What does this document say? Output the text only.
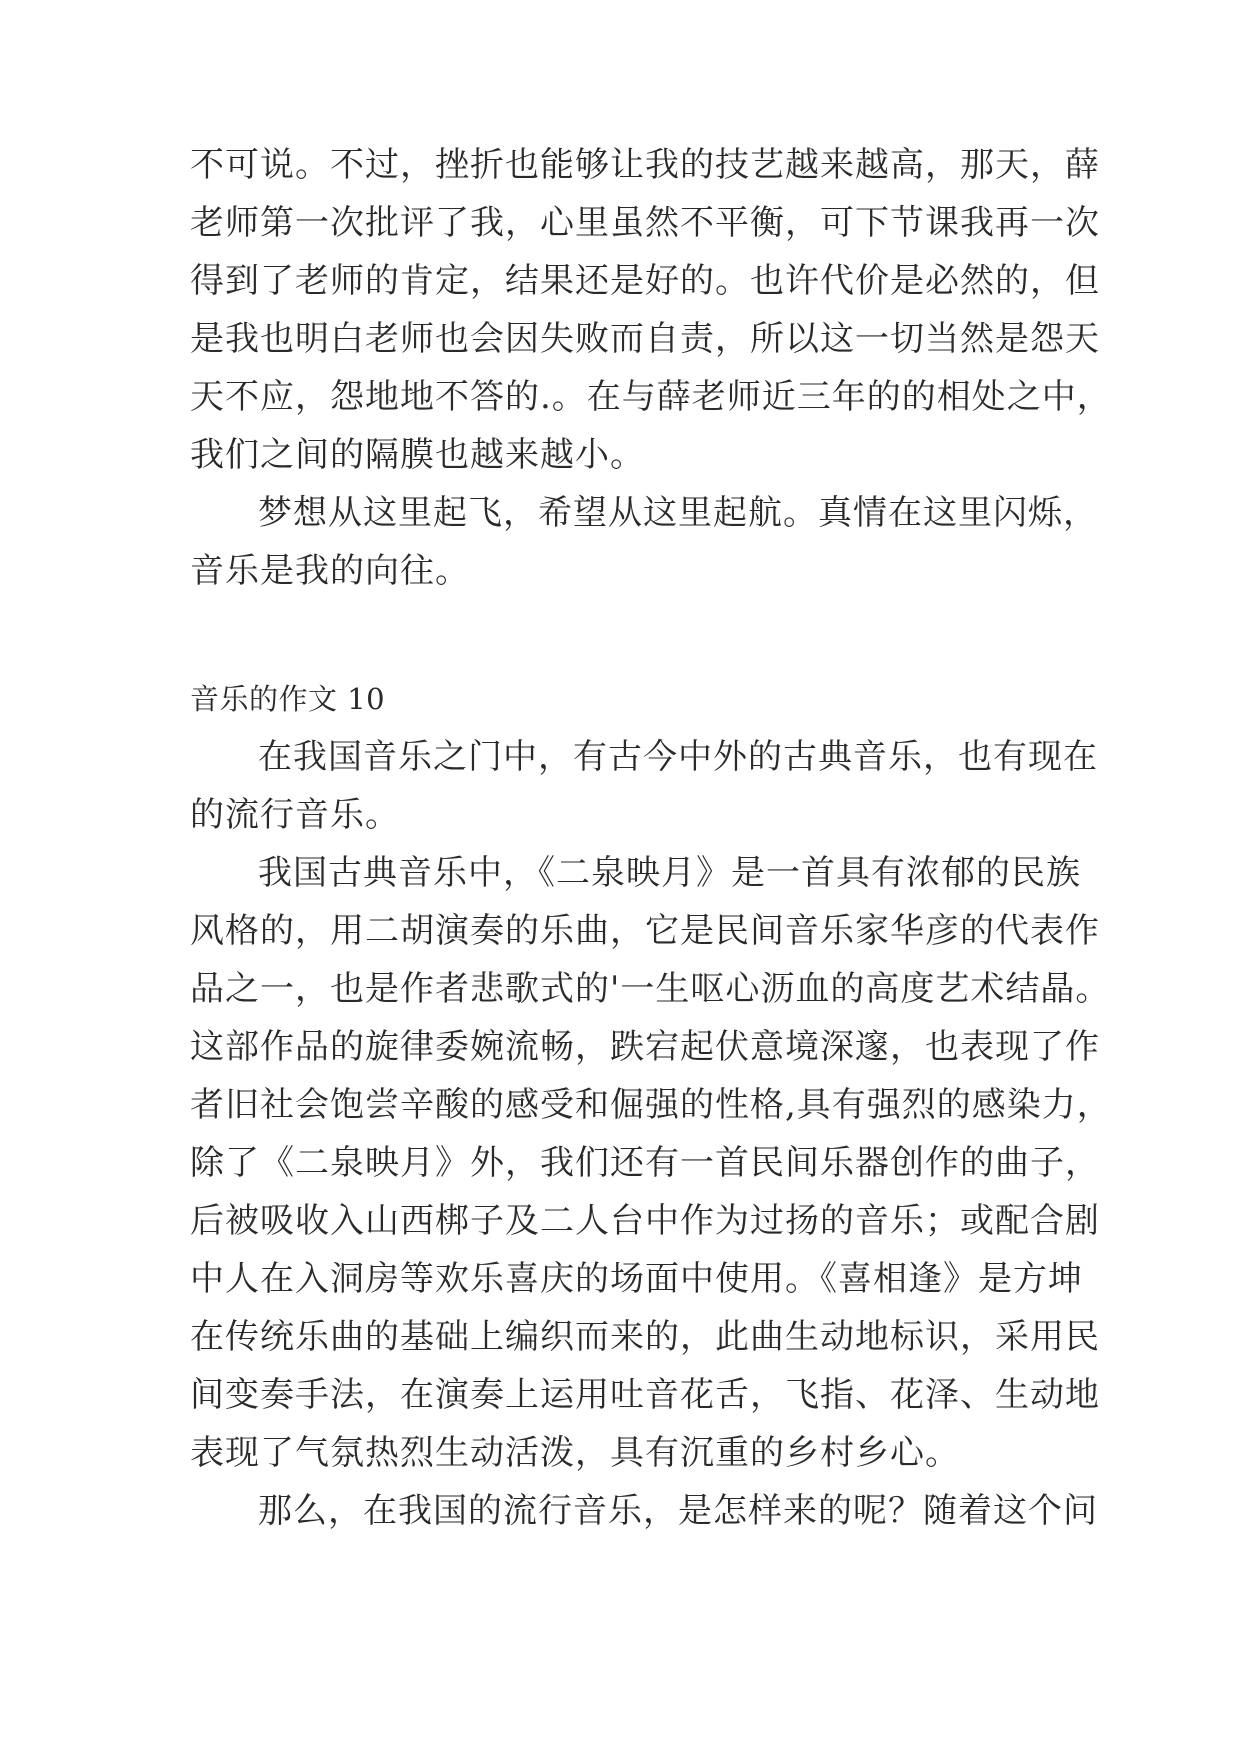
不可说。不过，挫折也能够让我的技艺越来越高，那天，薛
老师第一次批评了我，心里虽然不平衡，可下节课我再一次
得到了老师的肯定，结果还是好的。也许代价是必然的，但
是我也明白老师也会因失败而自责，所以这一切当然是怨天
天不应，怨地地不答的.。在与薛老师近三年的的相处之中，
我们之间的隔膜也越来越小。
梦想从这里起飞，希望从这里起航。真情在这里闪烁，
音乐是我的向往。
音乐的作文 10
在我国音乐之门中，有古今中外的古典音乐，也有现在
的流行音乐。
我国古典音乐中，《二泉映月》是一首具有浓郁的民族
风格的，用二胡演奏的乐曲，它是民间音乐家华彦的代表作
品之一，也是作者悲歌式的'一生呕心沥血的高度艺术结晶。
这部作品的旋律委婉流畅，跌宕起伏意境深邃，也表现了作
者旧社会饱尝辛酸的感受和倔强的性格,具有强烈的感染力，
除了《二泉映月》外，我们还有一首民间乐器创作的曲子，
后被吸收入山西梆子及二人台中作为过扬的音乐；或配合剧
中人在入洞房等欢乐喜庆的场面中使用。《喜相逢》是方坤
在传统乐曲的基础上编织而来的，此曲生动地标识，采用民
间变奏手法，在演奏上运用吐音花舌，飞指、花泽、生动地
表现了气氛热烈生动活泼，具有沉重的乡村乡心。
那么，在我国的流行音乐，是怎样来的呢？随着这个问
